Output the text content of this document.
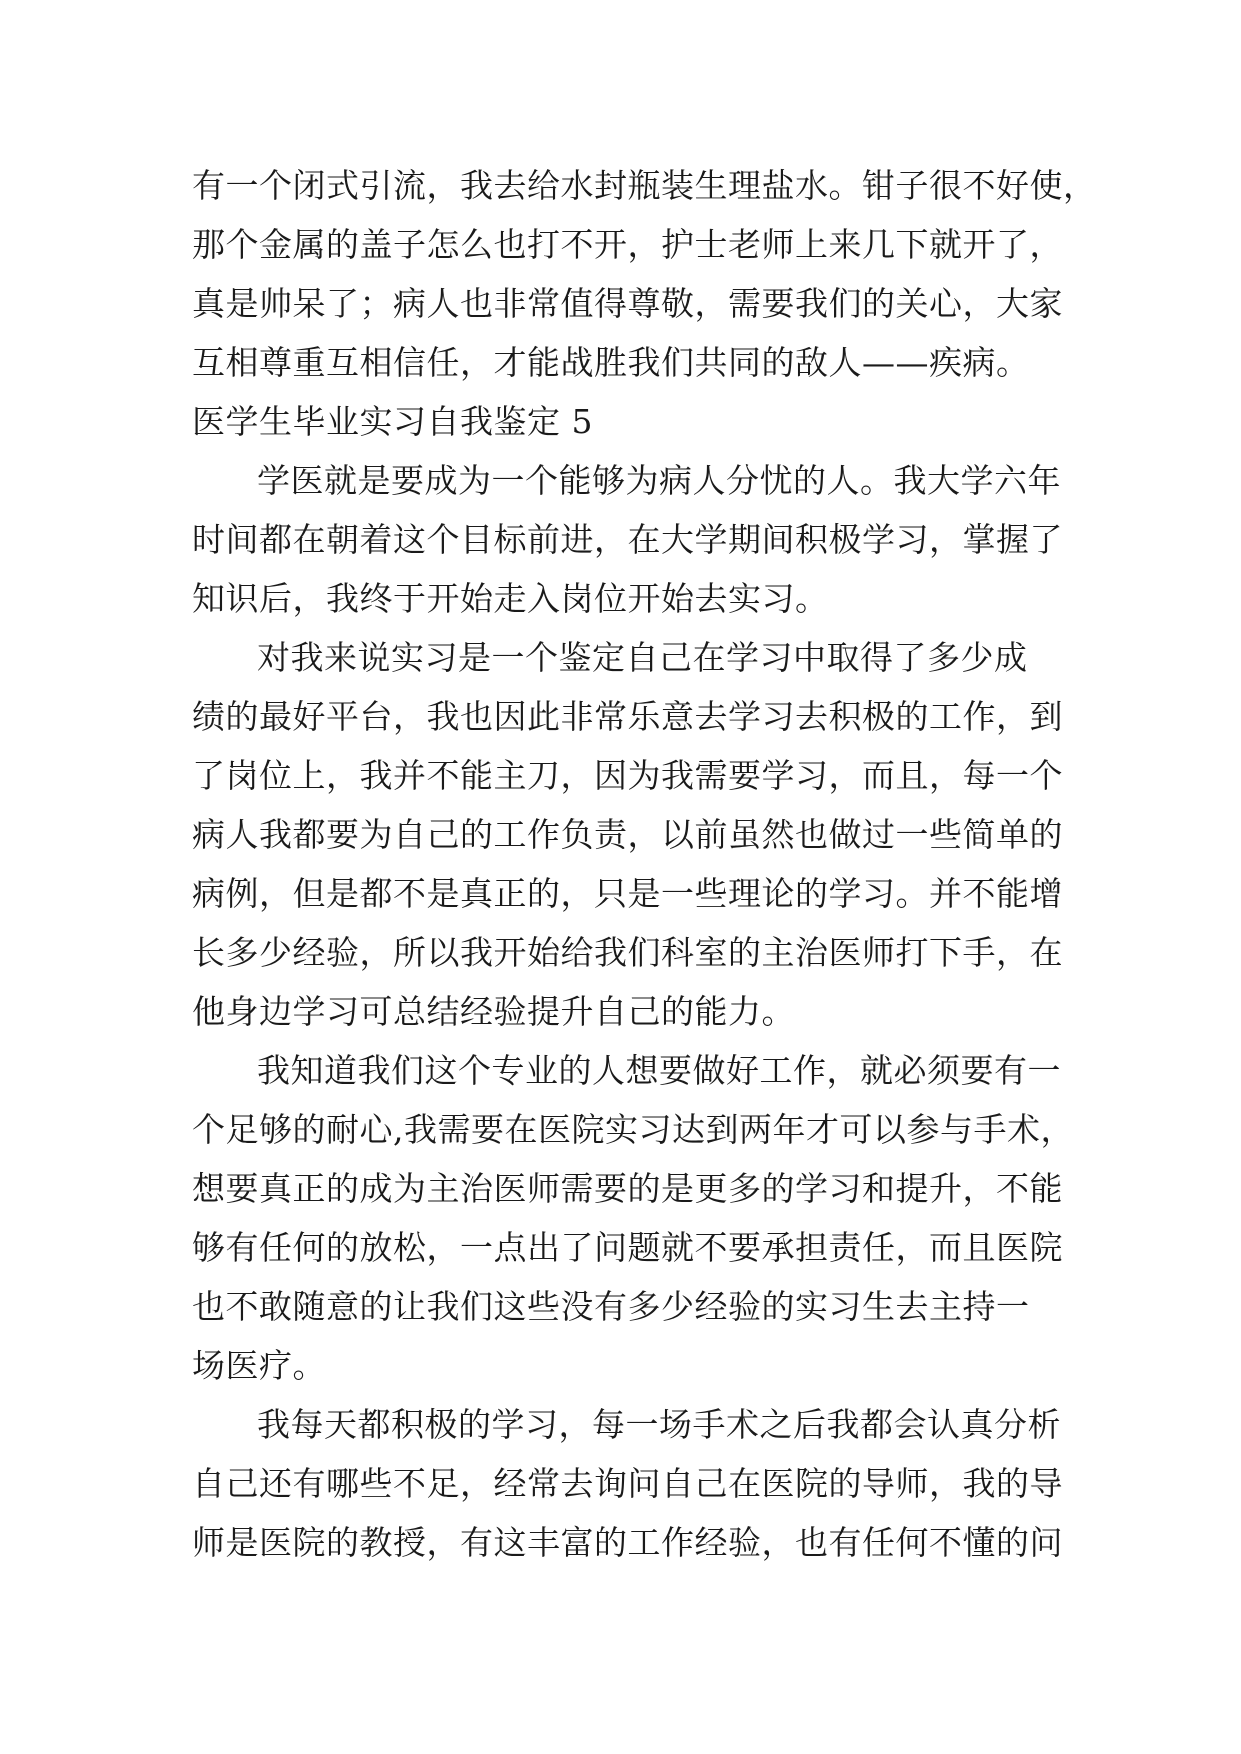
有一个闭式引流，我去给水封瓶装生理盐水。钳子很不好使，
那个金属的盖子怎么也打不开，护士老师上来几下就开了，
真是帅呆了；病人也非常值得尊敬，需要我们的关心，大家
互相尊重互相信任，才能战胜我们共同的敌人——疾病。
医学生毕业实习自我鉴定 5
学医就是要成为一个能够为病人分忧的人。我大学六年
时间都在朝着这个目标前进，在大学期间积极学习，掌握了
知识后，我终于开始走入岗位开始去实习。
对我来说实习是一个鉴定自己在学习中取得了多少成
绩的最好平台，我也因此非常乐意去学习去积极的工作，到
了岗位上，我并不能主刀，因为我需要学习，而且，每一个
病人我都要为自己的工作负责，以前虽然也做过一些简单的
病例，但是都不是真正的，只是一些理论的学习。并不能增
长多少经验，所以我开始给我们科室的主治医师打下手，在
他身边学习可总结经验提升自己的能力。
我知道我们这个专业的人想要做好工作，就必须要有一
个足够的耐心,我需要在医院实习达到两年才可以参与手术，
想要真正的成为主治医师需要的是更多的学习和提升，不能
够有任何的放松，一点出了问题就不要承担责任，而且医院
也不敢随意的让我们这些没有多少经验的实习生去主持一
场医疗。
我每天都积极的学习，每一场手术之后我都会认真分析
自己还有哪些不足，经常去询问自己在医院的导师，我的导
师是医院的教授，有这丰富的工作经验，也有任何不懂的问
